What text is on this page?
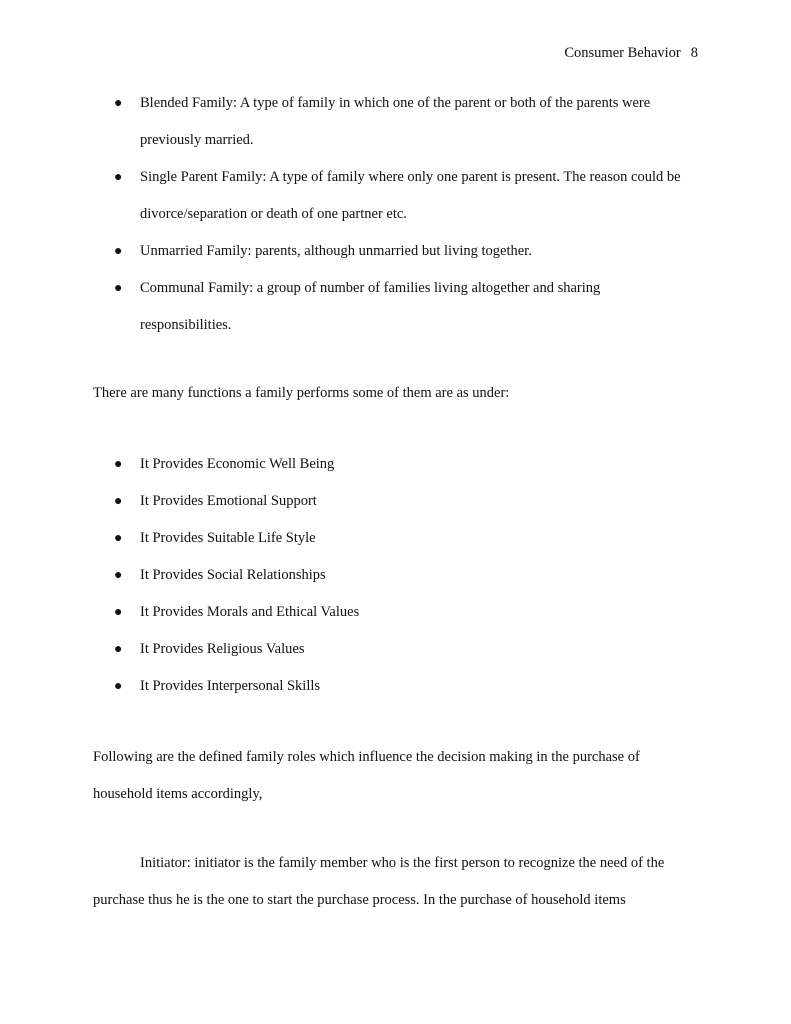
Consumer Behavior 8
● Blended Family: A type of family in which one of the parent or both of the parents were previously married.
● Single Parent Family: A type of family where only one parent is present. The reason could be divorce/separation or death of one partner etc.
● Unmarried Family: parents, although unmarried but living together.
● Communal Family: a group of number of families living altogether and sharing responsibilities.

There are many functions a family performs some of them are as under:

● It Provides Economic Well Being
● It Provides Emotional Support
● It Provides Suitable Life Style
● It Provides Social Relationships
● It Provides Morals and Ethical Values
● It Provides Religious Values
● It Provides Interpersonal Skills

Following are the defined family roles which influence the decision making in the purchase of household items accordingly,

Initiator: initiator is the family member who is the first person to recognize the need of the purchase thus he is the one to start the purchase process. In the purchase of household items
